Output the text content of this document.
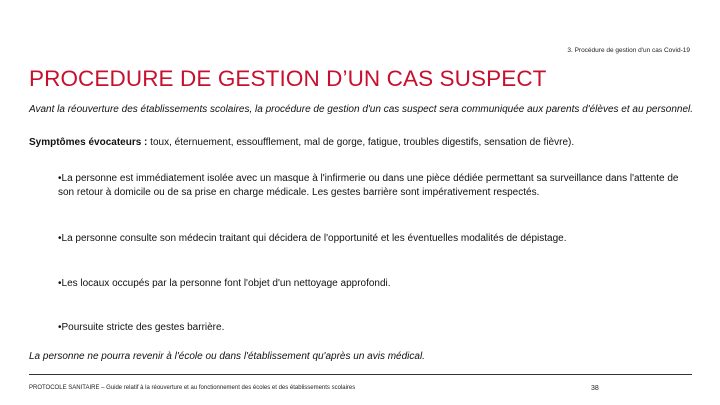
3. Procédure de gestion d'un cas Covid-19
PROCEDURE DE GESTION D’UN CAS SUSPECT
Avant la réouverture des établissements scolaires, la procédure de gestion d'un cas suspect sera communiquée aux parents d'élèves et au personnel.
Symptômes évocateurs : toux, éternuement, essoufflement, mal de gorge, fatigue, troubles digestifs, sensation de fièvre).
•La personne est immédiatement isolée avec un masque à l'infirmerie ou dans une pièce dédiée permettant sa surveillance dans l'attente de son retour à domicile ou de sa prise en charge médicale. Les gestes barrière sont impérativement respectés.
•La personne consulte son médecin traitant qui décidera de l'opportunité et les éventuelles modalités de dépistage.
•Les locaux occupés par la personne font l'objet d'un nettoyage approfondi.
•Poursuite stricte des gestes barrière.
La personne ne pourra revenir à l'école ou dans l'établissement qu'après un avis médical.
PROTOCOLE SANITAIRE – Guide relatif à la réouverture et au fonctionnement des écoles et des établissements scolaires	38
